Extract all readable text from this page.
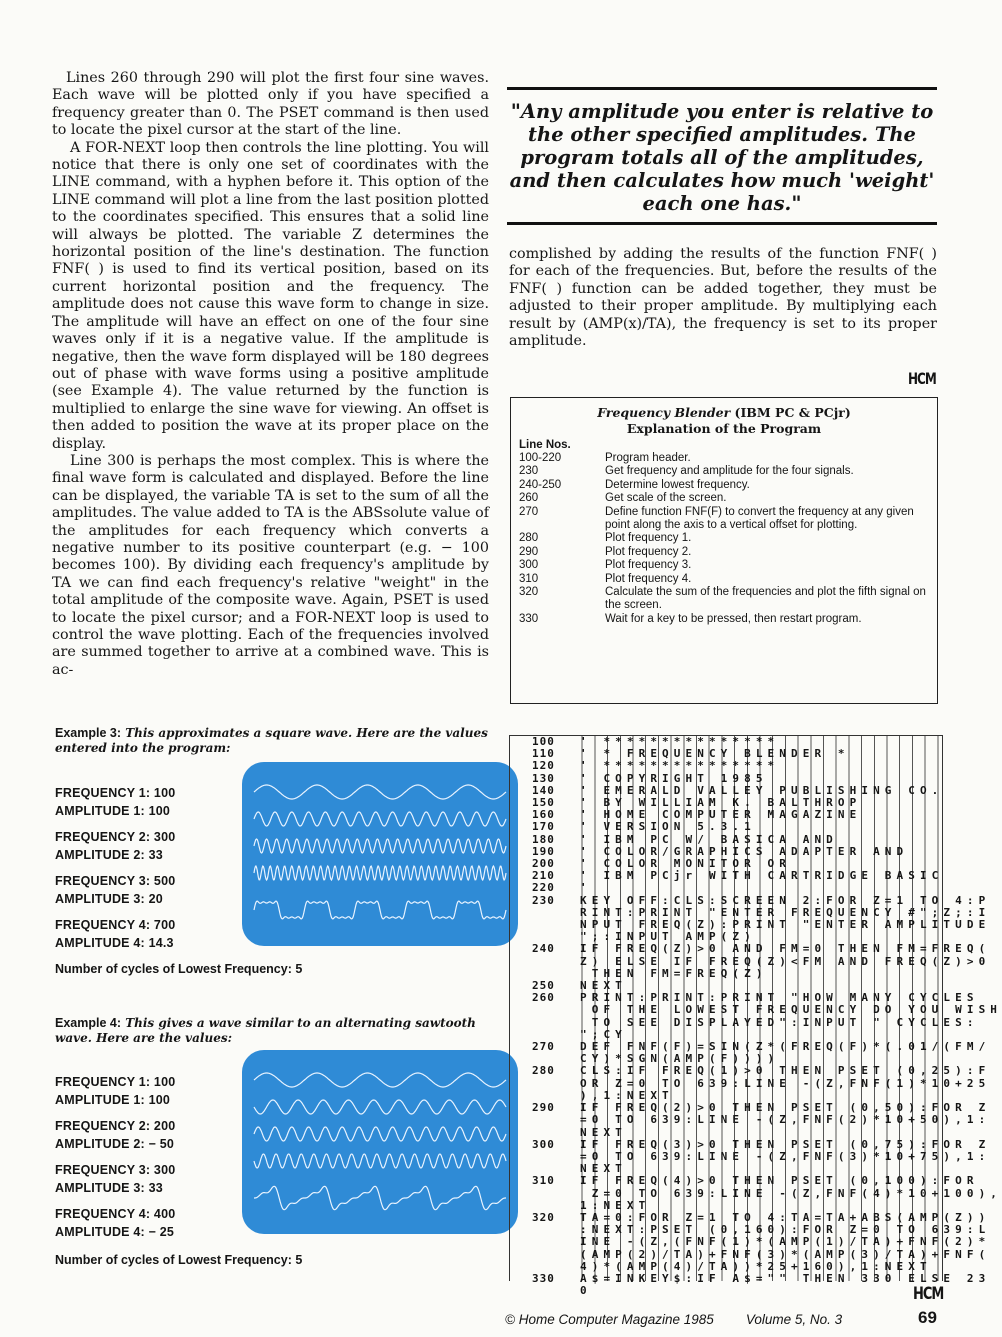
Lines 260 through 290 will plot the first four sine waves. Each wave will be plotted only if you have specified a frequency greater than 0. The PSET command is then used to locate the pixel cursor at the start of the line.

A FOR-NEXT loop then controls the line plotting. You will notice that there is only one set of coordinates with the LINE command, with a hyphen before it. This option of the LINE command will plot a line from the last position plotted to the coordinates specified. This ensures that a solid line will always be plotted. The variable Z determines the horizontal position of the line's destination. The function FNF( ) is used to find its vertical position, based on its current horizontal position and the frequency. The amplitude does not cause this wave form to change in size. The amplitude will have an effect on one of the four sine waves only if it is a negative value. If the amplitude is negative, then the wave form displayed will be 180 degrees out of phase with wave forms using a positive amplitude (see Example 4). The value returned by the function is multiplied to enlarge the sine wave for viewing. An offset is then added to position the wave at its proper place on the display.

Line 300 is perhaps the most complex. This is where the final wave form is calculated and displayed. Before the line can be displayed, the variable TA is set to the sum of all the amplitudes. The value added to TA is the ABSsolute value of the amplitudes for each frequency which converts a negative number to its positive counterpart (e.g. − 100 becomes 100). By dividing each frequency's amplitude by TA we can find each frequency's relative "weight" in the total amplitude of the composite wave. Again, PSET is used to locate the pixel cursor; and a FOR-NEXT loop is used to control the wave plotting. Each of the frequencies involved are summed together to arrive at a combined wave. This is ac-

"Any amplitude you enter is relative to the other specified amplitudes. The program totals all of the amplitudes, and then calculates how much 'weight' each one has."

complished by adding the results of the function FNF( ) for each of the frequencies. But, before the results of the FNF( ) function can be added together, they must be adjusted to their proper amplitude. By multiplying each result by (AMP(x)/TA), the frequency is set to its proper amplitude.

HCM
Frequency Blender (IBM PC & PCjr)
Explanation of the Program
Line Nos.
100-220	Program header.
230	Get frequency and amplitude for the four signals.
240-250	Determine lowest frequency.
260	Get scale of the screen.
270	Define function FNF(F) to convert the frequency at any given point along the axis to a vertical offset for plotting.
280	Plot frequency 1.
290	Plot frequency 2.
300	Plot frequency 3.
310	Plot frequency 4.
320	Calculate the sum of the frequencies and plot the fifth signal on the screen.
330	Wait for a key to be pressed, then restart program.
Example 3: This approximates a square wave. Here are the values entered into the program:
FREQUENCY 1: 100
AMPLITUDE 1: 100
FREQUENCY 2: 300
AMPLITUDE 2: 33
FREQUENCY 3: 500
AMPLITUDE 3: 20
FREQUENCY 4: 700
AMPLITUDE 4: 14.3
Number of cycles of Lowest Frequency: 5
Example 4: This gives a wave similar to an alternating sawtooth wave. Here are the values:
FREQUENCY 1: 100
AMPLITUDE 1: 100
FREQUENCY 2: 200
AMPLITUDE 2: − 50
FREQUENCY 3: 300
AMPLITUDE 3: 33
FREQUENCY 4: 400
AMPLITUDE 4: − 25
Number of cycles of Lowest Frequency: 5
100	' ***************
110	' * FREQUENCY BLENDER *
120	' ***************
130	' COPYRIGHT 1985
140	' EMERALD VALLEY PUBLISHING CO.
150	' BY WILLIAM K. BALTHROP
160	' HOME COMPUTER MAGAZINE
170	' VERSION 5.3.1
180	' IBM PC W/ BASICA AND
190	' COLOR/GRAPHICS ADAPTER AND
200	' COLOR MONITOR OR
210	' IBM PCjr WITH CARTRIDGE BASIC
220	'
230	KEY OFF:CLS:SCREEN 2:FOR Z=1 TO 4:P
RINT:PRINT "ENTER FREQUENCY #";Z;:I
NPUT FREQ(Z):PRINT "ENTER AMPLITUDE
";:INPUT AMP(Z)
240	IF FREQ(Z)>0 AND FM=0 THEN FM=FREQ(
Z) ELSE IF FREQ(Z)<FM AND FREQ(Z)>0
THEN FM=FREQ(Z)
250	NEXT
260	PRINT:PRINT:PRINT "HOW MANY CYCLES
OF THE LOWEST FREQUENCY DO YOU WISH
TO SEE DISPLAYED":INPUT " CYCLES:
";CY
270	DEF FNF(F)=SIN(Z*(FREQ(F)*(.01/(FM/
CY)*SGN(AMP(F))))
280	CLS:IF FREQ(1)>0 THEN PSET (0,25):F
OR Z=0 TO 639:LINE -(Z,FNF(1)*10+25
),1:NEXT
290	IF FREQ(2)>0 THEN PSET (0,50):FOR Z
=0 TO 639:LINE -(Z,FNF(2)*10+50),1:
NEXT
300	IF FREQ(3)>0 THEN PSET (0,75):FOR Z
=0 TO 639:LINE -(Z,FNF(3)*10+75),1:
NEXT
310	IF FREQ(4)>0 THEN PSET (0,100):FOR
Z=0 TO 639:LINE -(Z,FNF(4)*10+100),
1:NEXT
320	TA=0:FOR Z=1 TO 4:TA=TA+ABS(AMP(Z))
:NEXT:PSET (0,160):FOR Z=0 TO 639:L
INE -(Z,(FNF(1)*(AMP(1)/TA)+FNF(2)*
(AMP(2)/TA)+FNF(3)*(AMP(3)/TA)+FNF(
4)*(AMP(4)/TA))*25+160),1:NEXT
330	A$=INKEY$:IF A$="" THEN 330 ELSE 23
0	HCM
© Home Computer Magazine 1985 Volume 5, No. 3	69
